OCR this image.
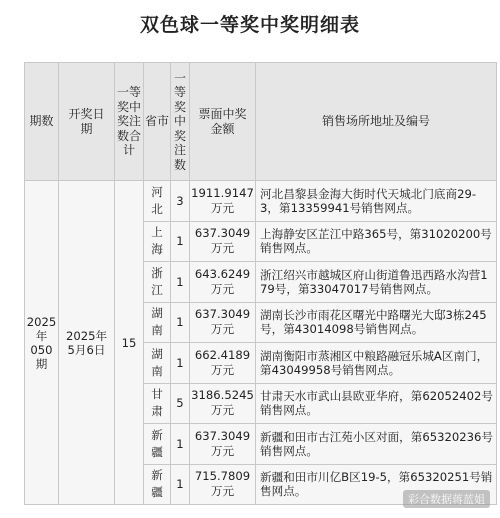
双色球一等奖中奖明细表
期数	开奖日期	一等奖中奖注数合计	省市	一等奖中奖注数	票面中奖金额	销售场所地址及编号

2025年050期	2025年5月6日	15	河北	3	1911.9147万元	河北昌黎县金海大街时代天城北门底商29-3，第13359941号销售网点。

			上海	1	637.3049万元	上海静安区芷江中路365号，第31020200号销售网点。

			浙江	1	643.6249万元	浙江绍兴市越城区府山街道鲁迅西路水沟营179号，第33047017号销售网点。

			湖南	1	637.3049万元	湖南长沙市雨花区曙光中路曙光大邸3栋245号，第43014098号销售网点。

			湖南	1	662.4189万元	湖南衡阳市蒸湘区中粮路融冠乐城A区南门，第43049958号销售网点。

			甘肃	5	3186.5245万元	甘肃天水市武山县欧亚华府，第62052402号销售网点。

			新疆	1	637.3049万元	新疆和田市古江苑小区对面，第65320236号销售网点。

			新疆	1	715.7809万元	新疆和田市川亿B区19-5，第65320251号销售网点。
彩合数据蒋蓝姐
